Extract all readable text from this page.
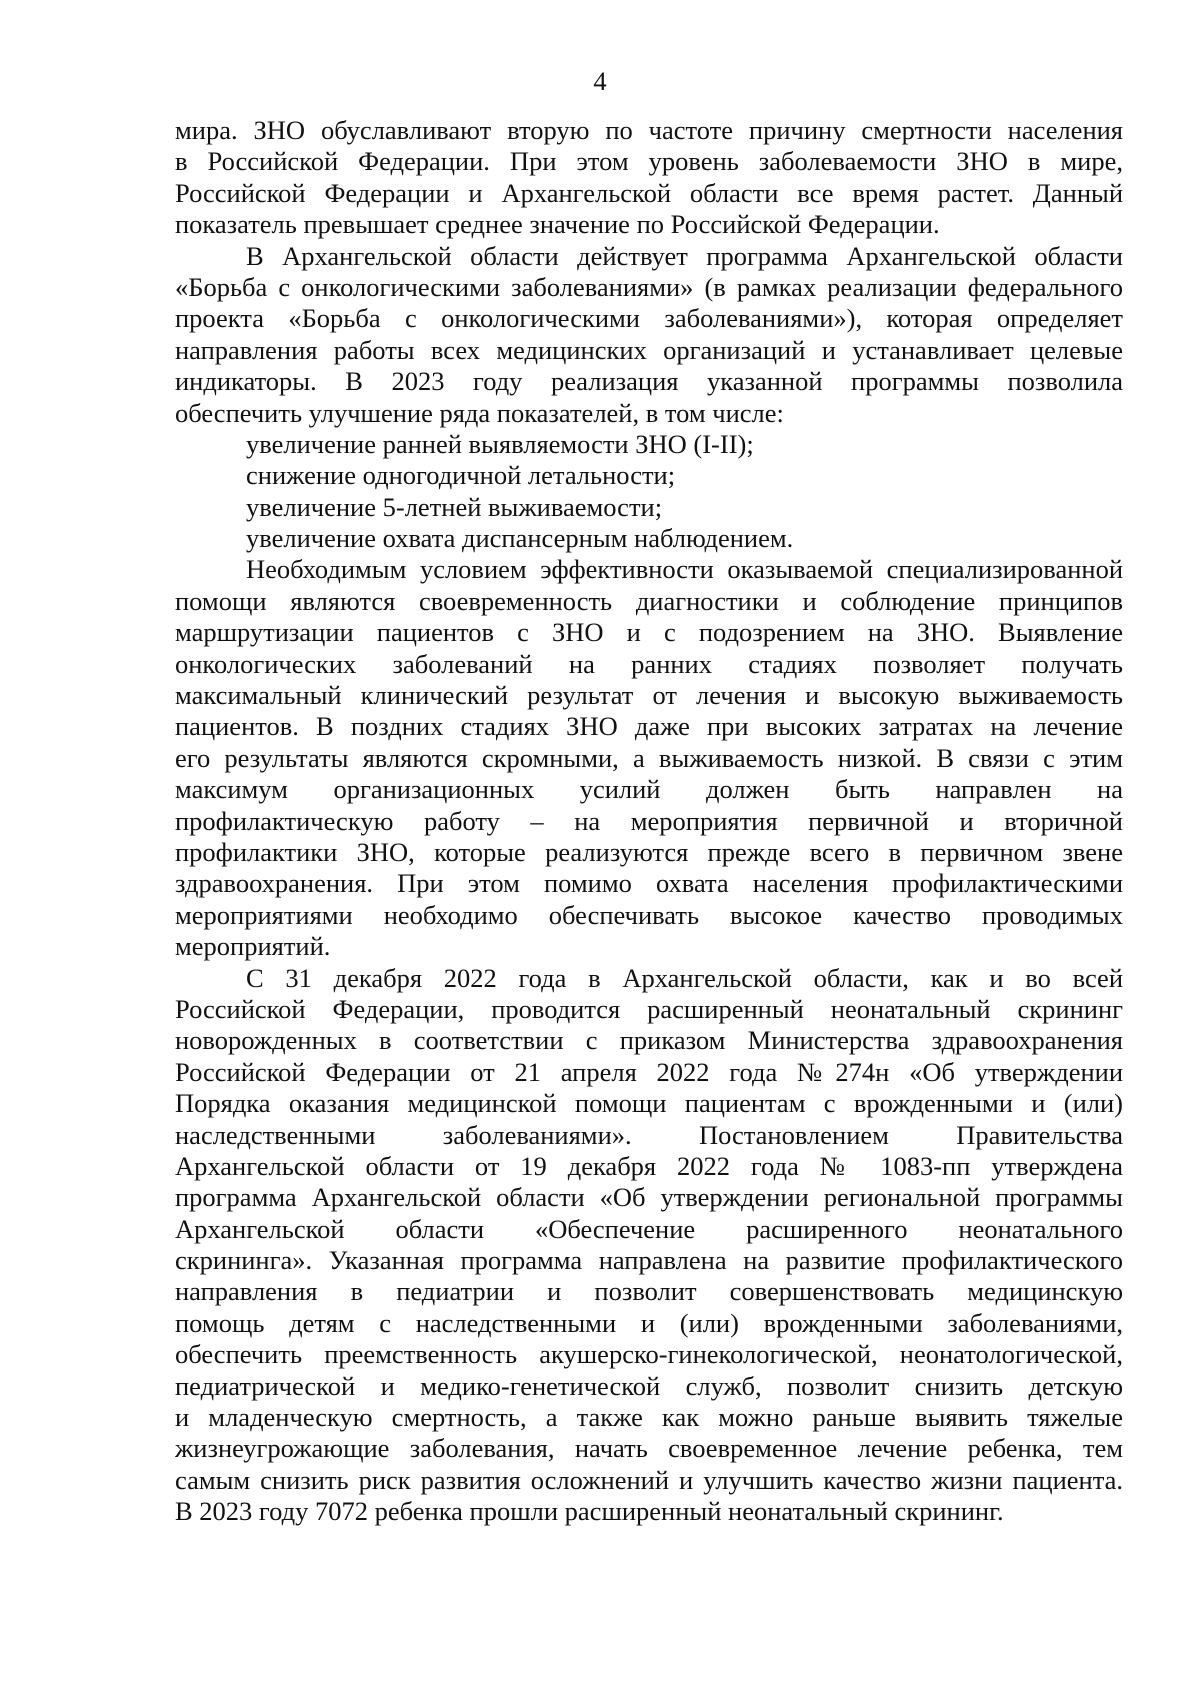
4
мира. ЗНО обуславливают вторую по частоте причину смертности населения
в Российской Федерации. При этом уровень заболеваемости ЗНО в мире,
Российской Федерации и Архангельской области все время растет. Данный
показатель превышает среднее значение по Российской Федерации.
В Архангельской области действует программа Архангельской области
«Борьба с онкологическими заболеваниями» (в рамках реализации федерального
проекта «Борьба с онкологическими заболеваниями»), которая определяет
направления работы всех медицинских организаций и устанавливает целевые
индикаторы. В 2023 году реализация указанной программы позволила
обеспечить улучшение ряда показателей, в том числе:
увеличение ранней выявляемости ЗНО (I-II);
снижение одногодичной летальности;
увеличение 5-летней выживаемости;
увеличение охвата диспансерным наблюдением.
Необходимым условием эффективности оказываемой специализированной
помощи являются своевременность диагностики и соблюдение принципов
маршрутизации пациентов с ЗНО и с подозрением на ЗНО. Выявление
онкологических заболеваний на ранних стадиях позволяет получать
максимальный клинический результат от лечения и высокую выживаемость
пациентов. В поздних стадиях ЗНО даже при высоких затратах на лечение
его результаты являются скромными, а выживаемость низкой. В связи с этим
максимум организационных усилий должен быть направлен на
профилактическую работу – на мероприятия первичной и вторичной
профилактики ЗНО, которые реализуются прежде всего в первичном звене
здравоохранения. При этом помимо охвата населения профилактическими
мероприятиями необходимо обеспечивать высокое качество проводимых
мероприятий.
С 31 декабря 2022 года в Архангельской области, как и во всей
Российской Федерации, проводится расширенный неонатальный скрининг
новорожденных в соответствии с приказом Министерства здравоохранения
Российской Федерации от 21 апреля 2022 года №274н «Об утверждении
Порядка оказания медицинской помощи пациентам с врожденными и (или)
наследственными заболеваниями». Постановлением Правительства
Архангельской области от 19 декабря 2022 года № 1083-пп утверждена
программа Архангельской области «Об утверждении региональной программы
Архангельской области «Обеспечение расширенного неонатального
скрининга». Указанная программа направлена на развитие профилактического
направления в педиатрии и позволит совершенствовать медицинскую
помощь детям с наследственными и (или) врожденными заболеваниями,
обеспечить преемственность акушерско-гинекологической, неонатологической,
педиатрической и медико-генетической служб, позволит снизить детскую
и младенческую смертность, а также как можно раньше выявить тяжелые
жизнеугрожающие заболевания, начать своевременное лечение ребенка, тем
самым снизить риск развития осложнений и улучшить качество жизни пациента.
В 2023 году 7072 ребенка прошли расширенный неонатальный скрининг.
